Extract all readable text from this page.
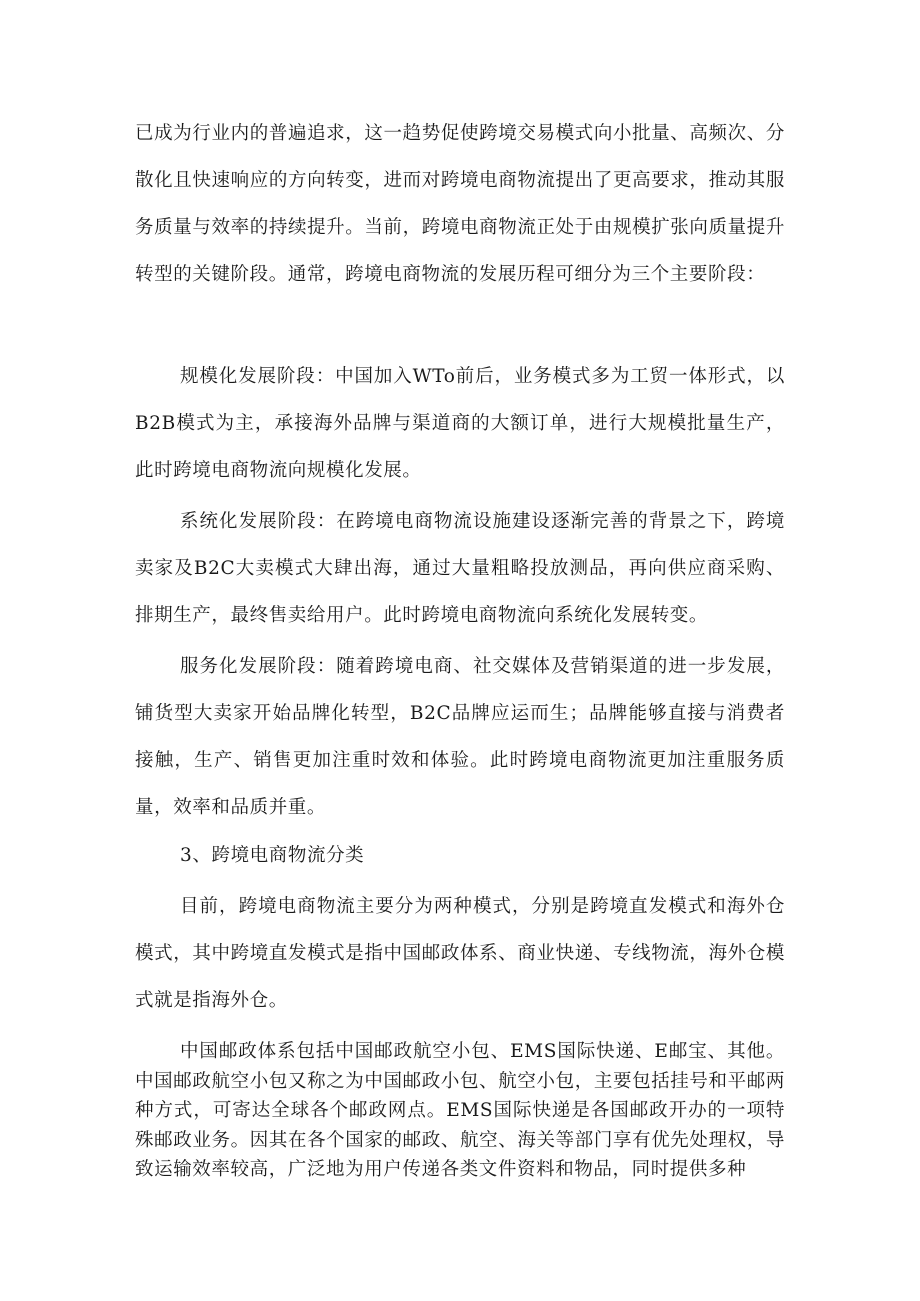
已成为行业内的普遍追求，这一趋势促使跨境交易模式向小批量、高频次、分散化且快速响应的方向转变，进而对跨境电商物流提出了更高要求，推动其服务质量与效率的持续提升。当前，跨境电商物流正处于由规模扩张向质量提升转型的关键阶段。通常，跨境电商物流的发展历程可细分为三个主要阶段：

规模化发展阶段：中国加入WTo前后，业务模式多为工贸一体形式，以B2B模式为主，承接海外品牌与渠道商的大额订单，进行大规模批量生产，此时跨境电商物流向规模化发展。

系统化发展阶段：在跨境电商物流设施建设逐渐完善的背景之下，跨境卖家及B2C大卖模式大肆出海，通过大量粗略投放测品，再向供应商采购、排期生产，最终售卖给用户。此时跨境电商物流向系统化发展转变。

服务化发展阶段：随着跨境电商、社交媒体及营销渠道的进一步发展，铺货型大卖家开始品牌化转型，B2C品牌应运而生；品牌能够直接与消费者接触，生产、销售更加注重时效和体验。此时跨境电商物流更加注重服务质量，效率和品质并重。

3、跨境电商物流分类

目前，跨境电商物流主要分为两种模式，分别是跨境直发模式和海外仓模式，其中跨境直发模式是指中国邮政体系、商业快递、专线物流，海外仓模式就是指海外仓。

中国邮政体系包括中国邮政航空小包、EMS国际快递、E邮宝、其他。中国邮政航空小包又称之为中国邮政小包、航空小包，主要包括挂号和平邮两种方式，可寄达全球各个邮政网点。EMS国际快递是各国邮政开办的一项特殊邮政业务。因其在各个国家的邮政、航空、海关等部门享有优先处理权，导致运输效率较高，广泛地为用户传递各类文件资料和物品，同时提供多种
